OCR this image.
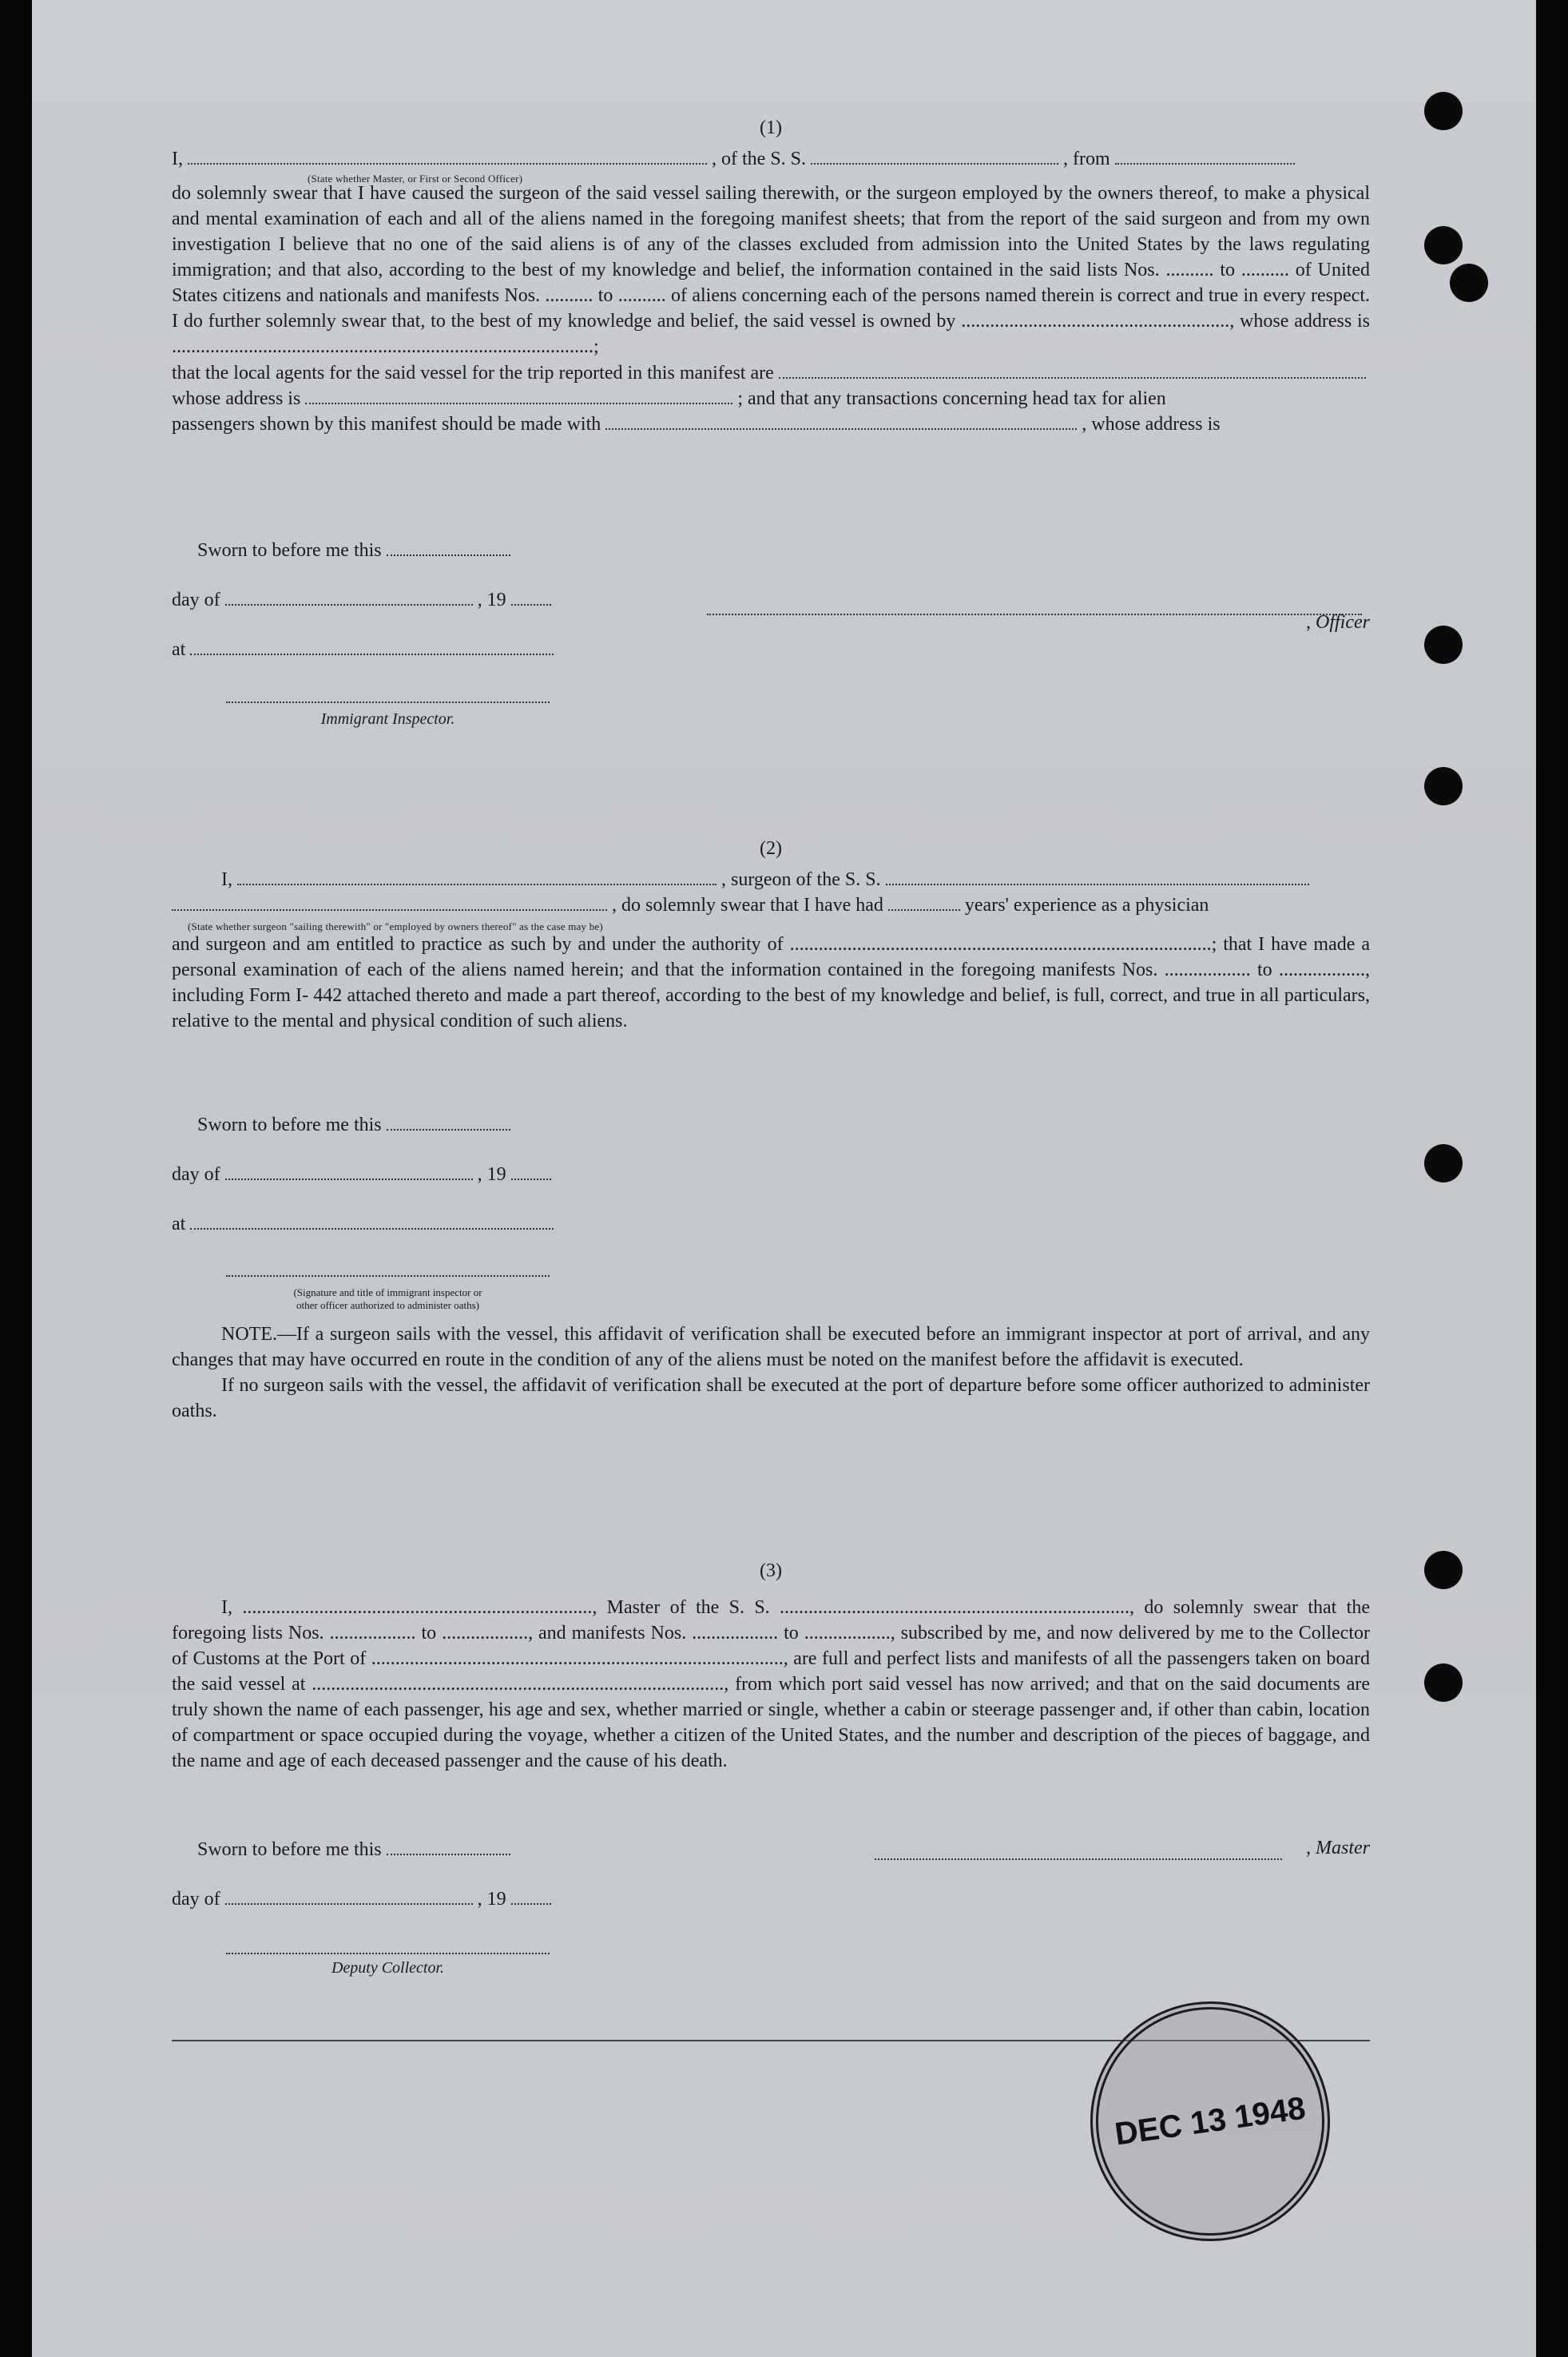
(1)
I,	, of the S. S.	, from
(State whether Master, or First or Second Officer)

do solemnly swear that I have caused the surgeon of the said vessel sailing therewith, or the surgeon employed by the owners thereof, to make a physical and mental examination of each and all of the aliens named in the foregoing manifest sheets; that from the report of the said surgeon and from my own investigation I believe that no one of the said aliens is of any of the classes excluded from admission into the United States by the laws regulating immigration; and that also, according to the best of my knowledge and belief, the information contained in the said lists Nos. .......... to .......... of United States citizens and nationals and manifests Nos. .......... to .......... of aliens concerning each of the persons named therein is correct and true in every respect. I do further solemnly swear that, to the best of my knowledge and belief, the said vessel is owned by ........................................................, whose address is ........................................................................................;

that the local agents for the said vessel for the trip reported in this manifest are
whose address is	; and that any transactions concerning head tax for alien
passengers shown by this manifest should be made with	, whose address is
Sworn to before me this
day of	, 19
at
, Officer
Immigrant Inspector.
(2)
I,	, surgeon of the S. S.
, do solemnly swear that I have had	years' experience as a physician
(State whether surgeon "sailing therewith" or "employed by owners thereof" as the case may be)

and surgeon and am entitled to practice as such by and under the authority of ........................................................................................; that I have made a personal examination of each of the aliens named herein; and that the information contained in the foregoing manifests Nos. .................. to .................., including Form I- 442 attached thereto and made a part thereof, according to the best of my knowledge and belief, is full, correct, and true in all particulars, relative to the mental and physical condition of such aliens.

Sworn to before me this
day of	, 19
at
(Signature and title of immigrant inspector or
other officer authorized to administer oaths)

NOTE.—If a surgeon sails with the vessel, this affidavit of verification shall be executed before an immigrant inspector at port of arrival, and any changes that may have occurred en route in the condition of any of the aliens must be noted on the manifest before the affidavit is executed.

If no surgeon sails with the vessel, the affidavit of verification shall be executed at the port of departure before some officer authorized to administer oaths.

(3)

I, ........................................................................., Master of the S. S. ........................................................................., do solemnly swear that the foregoing lists Nos. .................. to .................., and manifests Nos. .................. to .................., subscribed by me, and now delivered by me to the Collector of Customs at the Port of ......................................................................................, are full and perfect lists and manifests of all the passengers taken on board the said vessel at ......................................................................................, from which port said vessel has now arrived; and that on the said documents are truly shown the name of each passenger, his age and sex, whether married or single, whether a cabin or steerage passenger and, if other than cabin, location of compartment or space occupied during the voyage, whether a citizen of the United States, and the number and description of the pieces of baggage, and the name and age of each deceased passenger and the cause of his death.

Sworn to before me this
day of	, 19
, Master
Deputy Collector.
DEC 13 1948
